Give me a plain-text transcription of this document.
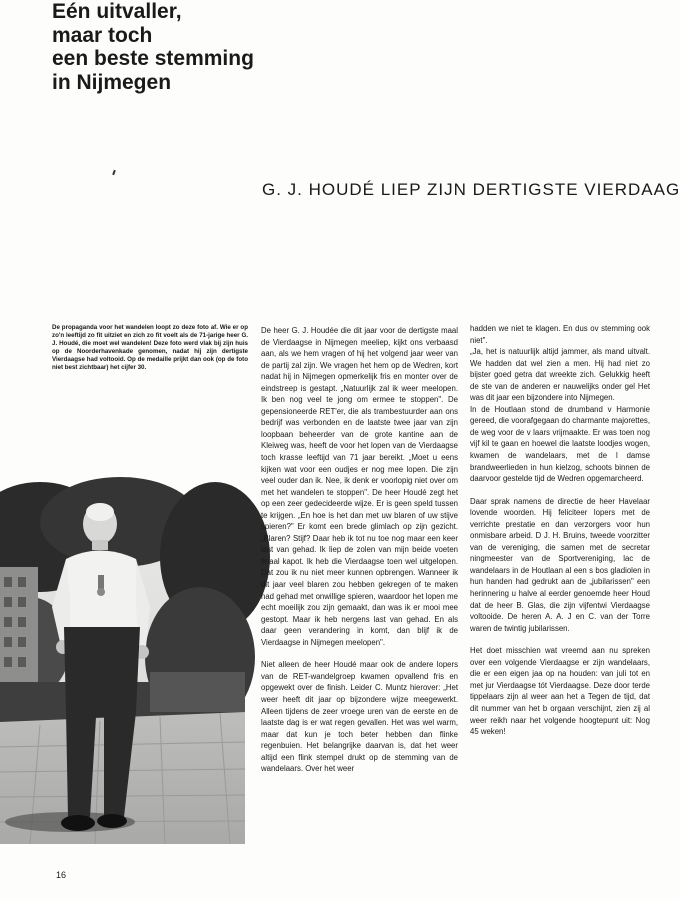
Eén uitvaller,
maar toch
een beste stemming
in Nijmegen
G. J. HOUDÉ LIEP ZIJN DERTIGSTE VIERDAAG

De propaganda voor het wandelen loopt zo deze foto af. Wie er op zo'n leeftijd zo fit uitziet en zich zo fit voelt als de 71-jarige heer G. J. Houdé, die moet wel wandelen! Deze foto werd vlak bij zijn huis op de Noorderhavenkade genomen, nadat hij zijn dertigste Vierdaagse had voltooid. Op de medaille prijkt dan ook (op de foto niet best zichtbaar) het cijfer 30.

De heer G. J. Houdée die dit jaar voor de dertigste maal de Vierdaagse in Nijmegen meeliep, kijkt ons verbaasd aan, als we hem vragen of hij het volgend jaar weer van de partij zal zijn. We vragen het hem op de Wedren, kort nadat hij in Nijmegen opmerkelijk fris en monter over de eindstreep is gestapt. „Natuurlijk zal ik weer meelopen. Ik ben nog veel te jong om ermee te stoppen". De gepensioneerde RET'er, die als trambestuurder aan ons bedrijf was verbonden en de laatste twee jaar van zijn loopbaan beheerder van de grote kantine aan de Kleiweg was, heeft de voor het lopen van de Vierdaagse toch krasse leeftijd van 71 jaar bereikt. „Moet u eens kijken wat voor een oudjes er nog mee lopen. Die zijn veel ouder dan ik. Nee, ik denk er voorlopig niet over om met het wandelen te stoppen". De heer Houdé zegt het op een zeer gedecideerde wijze. Er is geen speld tussen te krijgen. „En hoe is het dan met uw blaren of uw stijve spieren?" Er komt een brede glimlach op zijn gezicht. „Blaren? Stijf? Daar heb ik tot nu toe nog maar een keer last van gehad. Ik liep de zolen van mijn beide voeten finaal kapot. Ik heb die Vierdaagse toen wel uitgelopen. Dat zou ik nu niet meer kunnen opbrengen. Wanneer ik dit jaar veel blaren zou hebben gekregen of te maken had gehad met onwillige spieren, waardoor het lopen me echt moeilijk zou zijn gemaakt, dan was ik er mooi mee gestopt. Maar ik heb nergens last van gehad. En als daar geen verandering in komt, dan blijf ik de Vierdaagse in Nijmegen meelopen".

Niet alleen de heer Houdé maar ook de andere lopers van de RET-wandelgroep kwamen opvallend fris en opgewekt over de finish. Leider C. Muntz hierover: „Het weer heeft dit jaar op bijzondere wijze meegewerkt. Alleen tijdens de zeer vroege uren van de eerste en de laatste dag is er wat regen gevallen. Het was wel warm, maar dat kun je toch beter hebben dan flinke regenbuien. Het belangrijke daarvan is, dat het weer altijd een flink stempel drukt op de stemming van de wandelaars. Over het weer

hadden we niet te klagen. En dus ov stemming ook niet".

„Ja, het is natuurlijk altijd jammer, als mand uitvalt. We hadden dat wel zien a men. Hij had niet zo bijster goed getra dat wreekte zich. Gelukkig heeft de ste van de anderen er nauwelijks onder gel Het was dit jaar een bijzondere into Nijmegen.

In de Houtlaan stond de drumband v Harmonie gereed, die voorafgegaan do charmante majorettes, de weg voor de v laars vrijmaakte. Er was toen nog vijf kil te gaan en hoewel die laatste loodjes wogen, kwamen de wandelaars, met de l damse brandweerlieden in hun kielzog, schoots binnen de daarvoor gestelde tijd de Wedren opgemarcheerd.

Daar sprak namens de directie de heer Havelaar lovende woorden. Hij feliciteer lopers met de verrichte prestatie en dan verzorgers voor hun onmisbare arbeid. D J. H. Bruins, tweede voorzitter van de vereniging, die samen met de secretar ningmeester van de Sportvereniging, lac de wandelaars in de Houtlaan al een s bos gladiolen in hun handen had gedrukt aan de „jubilarissen" een herinnering u halve al eerder genoemde heer Houd dat de heer B. Glas, die zijn vijfentwi Vierdaagse voltooide. De heren A. A. J en C. van der Torre waren de twintig jubilarissen.

Het doet misschien wat vreemd aan nu spreken over een volgende Vierdaagse er zijn wandelaars, die er een eigen jaa op na houden: van juli tot en met jur Vierdaagse tót Vierdaagse. Deze door terde tippelaars zijn al weer aan het a Tegen de tijd, dat dit nummer van het b orgaan verschijnt, zien zij al weer reikh naar het volgende hoogtepunt uit: Nog 45 weken!

16
